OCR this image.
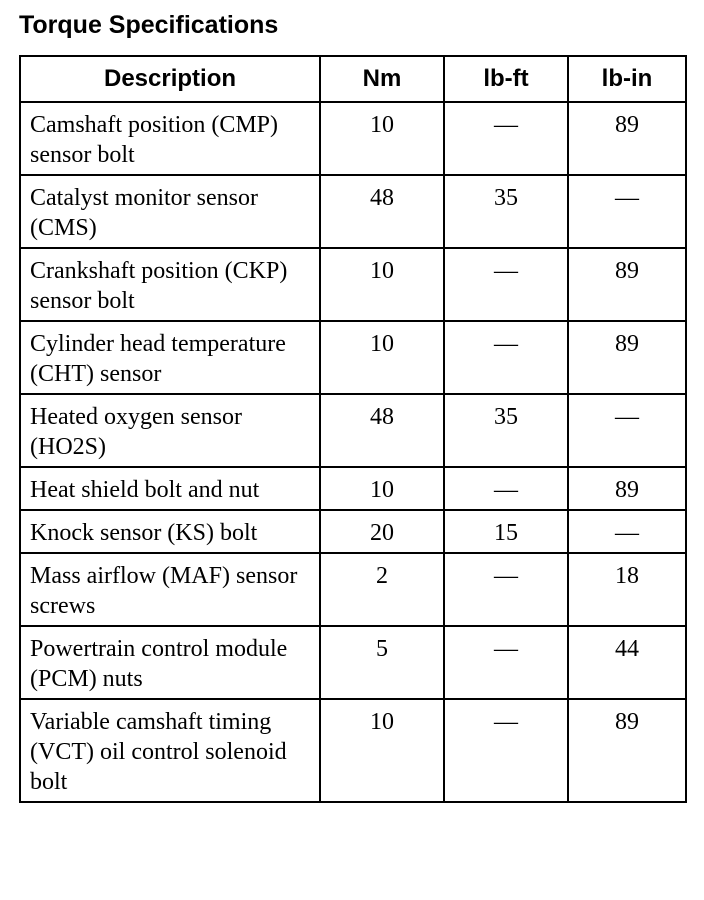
Torque Specifications
Description	Nm	lb-ft	lb-in
Camshaft position (CMP) sensor bolt	10	—	89
Catalyst monitor sensor (CMS)	48	35	—
Crankshaft position (CKP) sensor bolt	10	—	89
Cylinder head temperature (CHT) sensor	10	—	89
Heated oxygen sensor (HO2S)	48	35	—
Heat shield bolt and nut	10	—	89
Knock sensor (KS) bolt	20	15	—
Mass airflow (MAF) sensor screws	2	—	18
Powertrain control module (PCM) nuts	5	—	44
Variable camshaft timing (VCT) oil control solenoid bolt	10	—	89
